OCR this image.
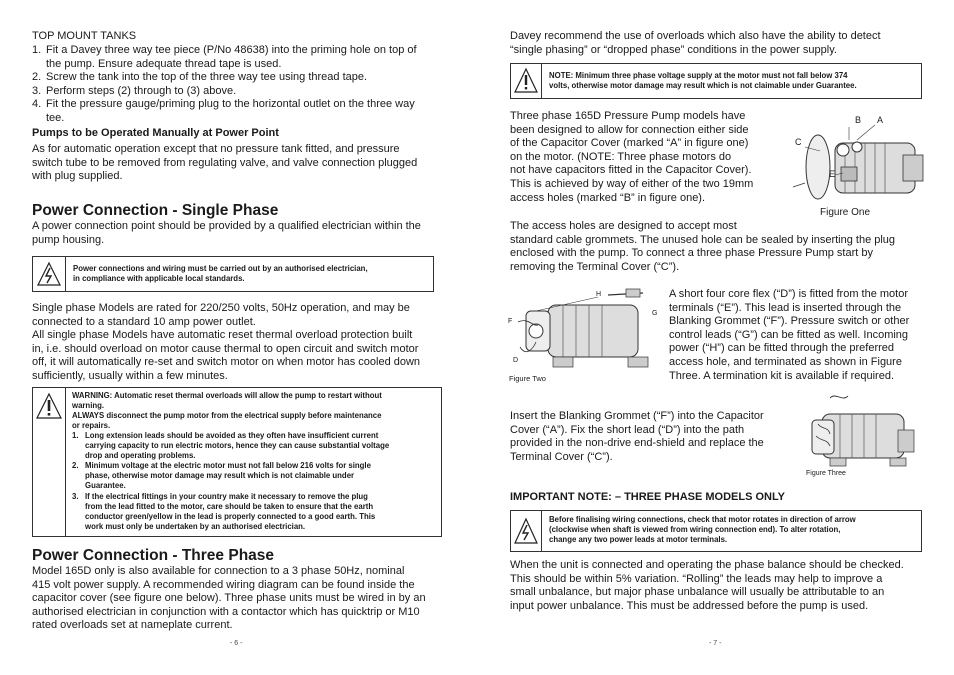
TOP MOUNT TANKS
1. Fit a Davey three way tee piece (P/No 48638) into the priming hole on top of
the pump. Ensure adequate thread tape is used.
2. Screw the tank into the top of the three way tee using thread tape.
3. Perform steps (2) through to (3) above.
4. Fit the pressure gauge/priming plug to the horizontal outlet on the three way
tee.
Pumps to be Operated Manually at Power Point
As for automatic operation except that no pressure tank fitted, and pressure
switch tube to be removed from regulating valve, and valve connection plugged
with plug supplied.
Power Connection - Single Phase
A power connection point should be provided by a qualified electrician within the
pump housing.
Power connections and wiring must be carried out by an authorised electrician,
in compliance with applicable local standards.
Single phase Models are rated for 220/250 volts, 50Hz operation, and may be
connected to a standard 10 amp power outlet.
All single phase Models have automatic reset thermal overload protection built
in, i.e. should overload on motor cause thermal to open circuit and switch motor
off, it will automatically re-set and switch motor on when motor has cooled down
sufficiently, usually within a few minutes.
WARNING: Automatic reset thermal overloads will allow the pump to restart without
warning.
ALWAYS disconnect the pump motor from the electrical supply before maintenance
or repairs.
1. Long extension leads should be avoided as they often have insufficient current
carrying capacity to run electric motors, hence they can cause substantial voltage
drop and operating problems.
2. Minimum voltage at the electric motor must not fall below 216 volts for single
phase, otherwise motor damage may result which is not claimable under
Guarantee.
3. If the electrical fittings in your country make it necessary to remove the plug
from the lead fitted to the motor, care should be taken to ensure that the earth
conductor green/yellow in the lead is properly connected to a good earth. This
work must only be undertaken by an authorised electrician.
Power Connection - Three Phase
Model 165D only is also available for connection to a 3 phase 50Hz, nominal
415 volt power supply. A recommended wiring diagram can be found inside the
capacitor cover (see figure one below). Three phase units must be wired in by an
authorised electrician in conjunction with a contactor which has quicktrip or M10
rated overloads set at nameplate current.
- 6 -
Davey recommend the use of overloads which also have the ability to detect
“single phasing” or “dropped phase” conditions in the power supply.
NOTE: Minimum three phase voltage supply at the motor must not fall below 374
volts, otherwise motor damage may result which is not claimable under Guarantee.
Three phase 165D Pressure Pump models have
been designed to allow for connection either side
of the Capacitor Cover (marked “A” in figure one)
on the motor. (NOTE: Three phase motors do
not have capacitors fitted in the Capacitor Cover).
This is achieved by way of either of the two 19mm
access holes (marked “B” in figure one).
B A
C
E
Figure One
The access holes are designed to accept most
standard cable grommets. The unused hole can be sealed by inserting the plug
enclosed with the pump. To connect a three phase Pressure Pump start by
removing the Terminal Cover (“C”).
H
F
G
D
Figure Two
A short four core flex (“D”) is fitted from the motor
terminals (“E”). This lead is inserted through the
Blanking Grommet (“F”). Pressure switch or other
control leads (“G”) can be fitted as well. Incoming
power (“H”) can be fitted through the preferred
access hole, and terminated as shown in Figure
Three. A termination kit is available if required.
Insert the Blanking Grommet (“F”) into the Capacitor
Cover (“A”). Fix the short lead (“D”) into the path
provided in the non-drive end-shield and replace the
Terminal Cover (“C”).
Figure Three
IMPORTANT NOTE: – THREE PHASE MODELS ONLY
Before finalising wiring connections, check that motor rotates in direction of arrow
(clockwise when shaft is viewed from wiring connection end). To alter rotation,
change any two power leads at motor terminals.
When the unit is connected and operating the phase balance should be checked.
This should be within 5% variation. “Rolling” the leads may help to improve a
small unbalance, but major phase unbalance will usually be attributable to an
input power unbalance. This must be addressed before the pump is used.
- 7 -
